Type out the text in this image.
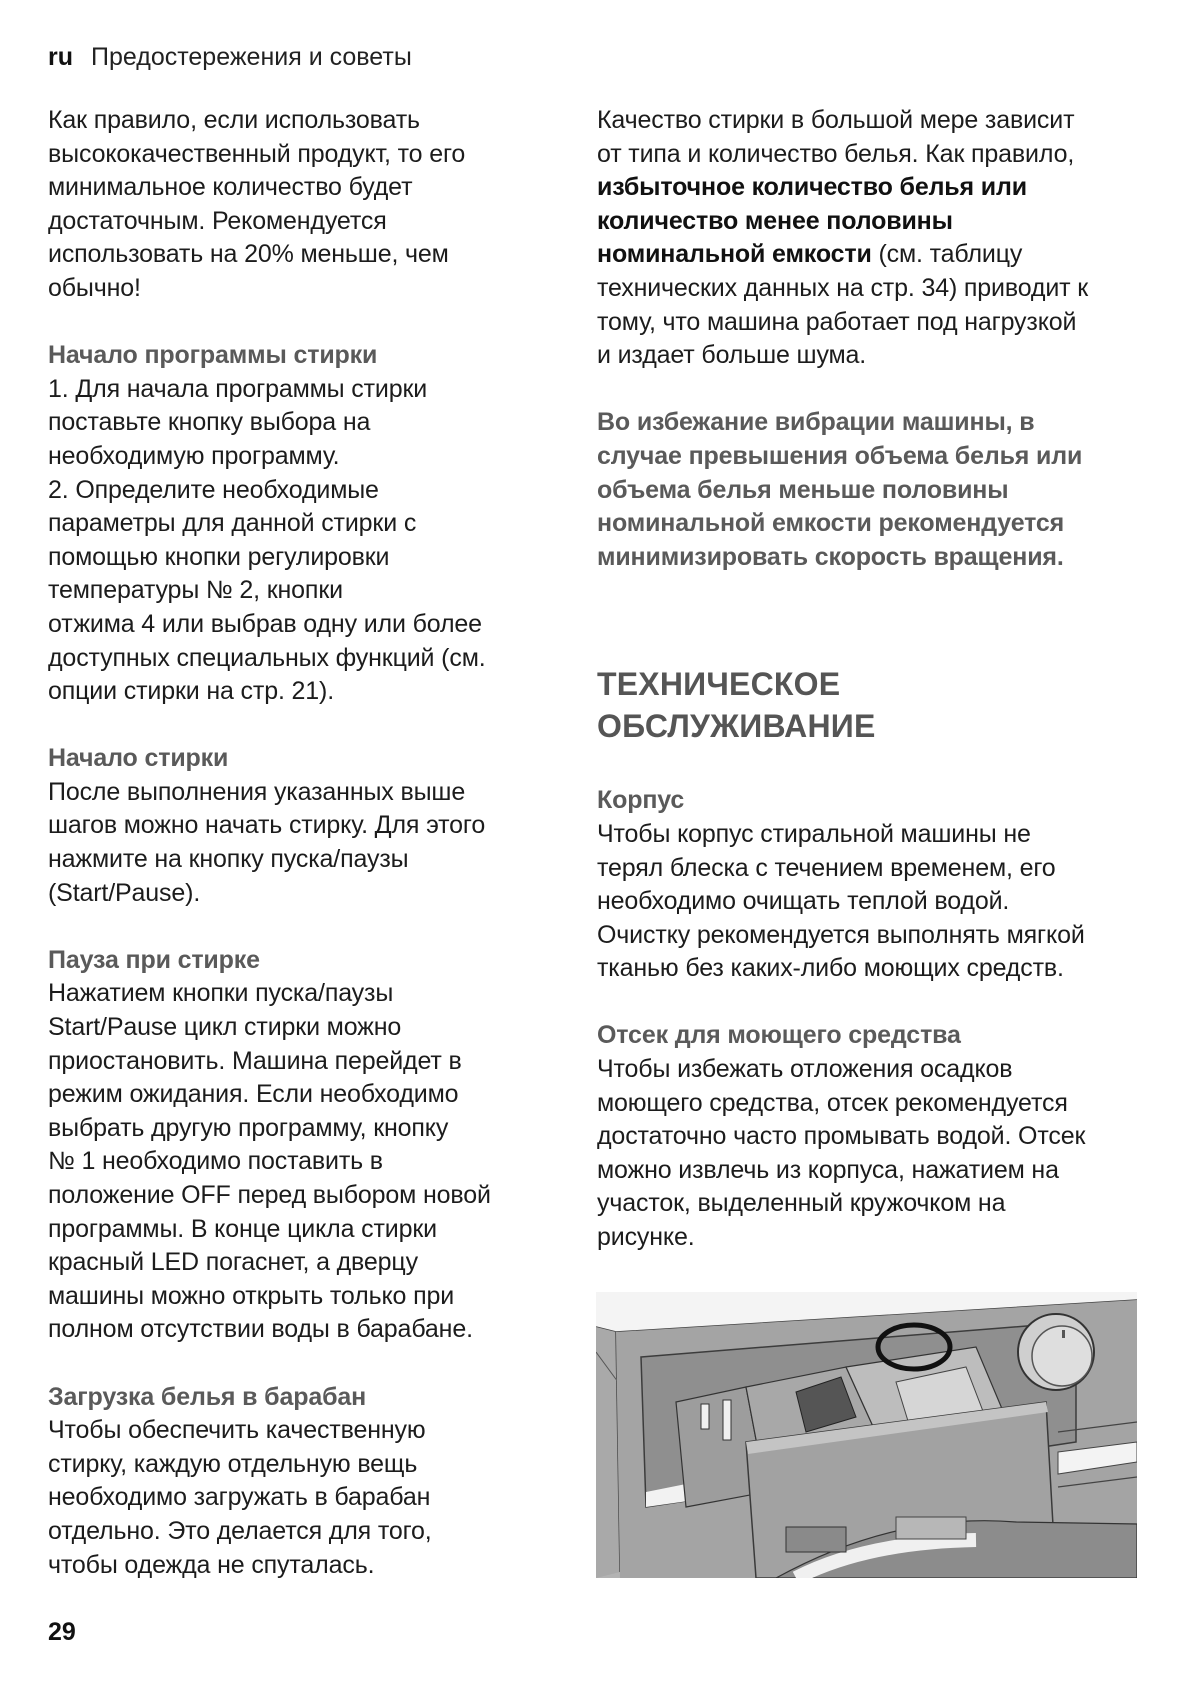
ru Предостережения и советы
Как правило, если использовать
высококачественный продукт, то его
минимальное количество будет
достаточным. Рекомендуется
использовать на 20% меньше, чем
обычно!
Начало программы стирки
1. Для начала программы стирки
поставьте кнопку выбора на
необходимую программу.
2. Определите необходимые
параметры для данной стирки с
помощью кнопки регулировки
температуры № 2, кнопки
отжима 4 или выбрав одну или более
доступных специальных функций (см.
опции стирки на стр. 21).
Начало стирки
После выполнения указанных выше
шагов можно начать стирку. Для этого
нажмите на кнопку пуска/паузы
(Start/Pause).
Пауза при стирке
Нажатием кнопки пуска/паузы
Start/Pause цикл стирки можно
приостановить. Машина перейдет в
режим ожидания. Если необходимо
выбрать другую программу, кнопку
№ 1 необходимо поставить в
положение OFF перед выбором новой
программы. В конце цикла стирки
красный LED погаснет, а дверцу
машины можно открыть только при
полном отсутствии воды в барабане.
Загрузка белья в барабан
Чтобы обеспечить качественную
стирку, каждую отдельную вещь
необходимо загружать в барабан
отдельно. Это делается для того,
чтобы одежда не спуталась.
Качество стирки в большой мере зависит
от типа и количество белья. Как правило,
избыточное количество белья или
количество менее половины
номинальной емкости (см. таблицу
технических данных на стр. 34) приводит к
тому, что машина работает под нагрузкой
и издает больше шума.
Во избежание вибрации машины, в
случае превышения объема белья или
объема белья меньше половины
номинальной емкости рекомендуется
минимизировать скорость вращения.
ТЕХНИЧЕСКОЕ
ОБСЛУЖИВАНИЕ
Корпус
Чтобы корпус стиральной машины не
терял блеска с течением временем, его
необходимо очищать теплой водой.
Очистку рекомендуется выполнять мягкой
тканью без каких-либо моющих средств.
Отсек для моющего средства
Чтобы избежать отложения осадков
моющего средства, отсек рекомендуется
достаточно часто промывать водой. Отсек
можно извлечь из корпуса, нажатием на
участок, выделенный кружочком на
рисунке.
29
